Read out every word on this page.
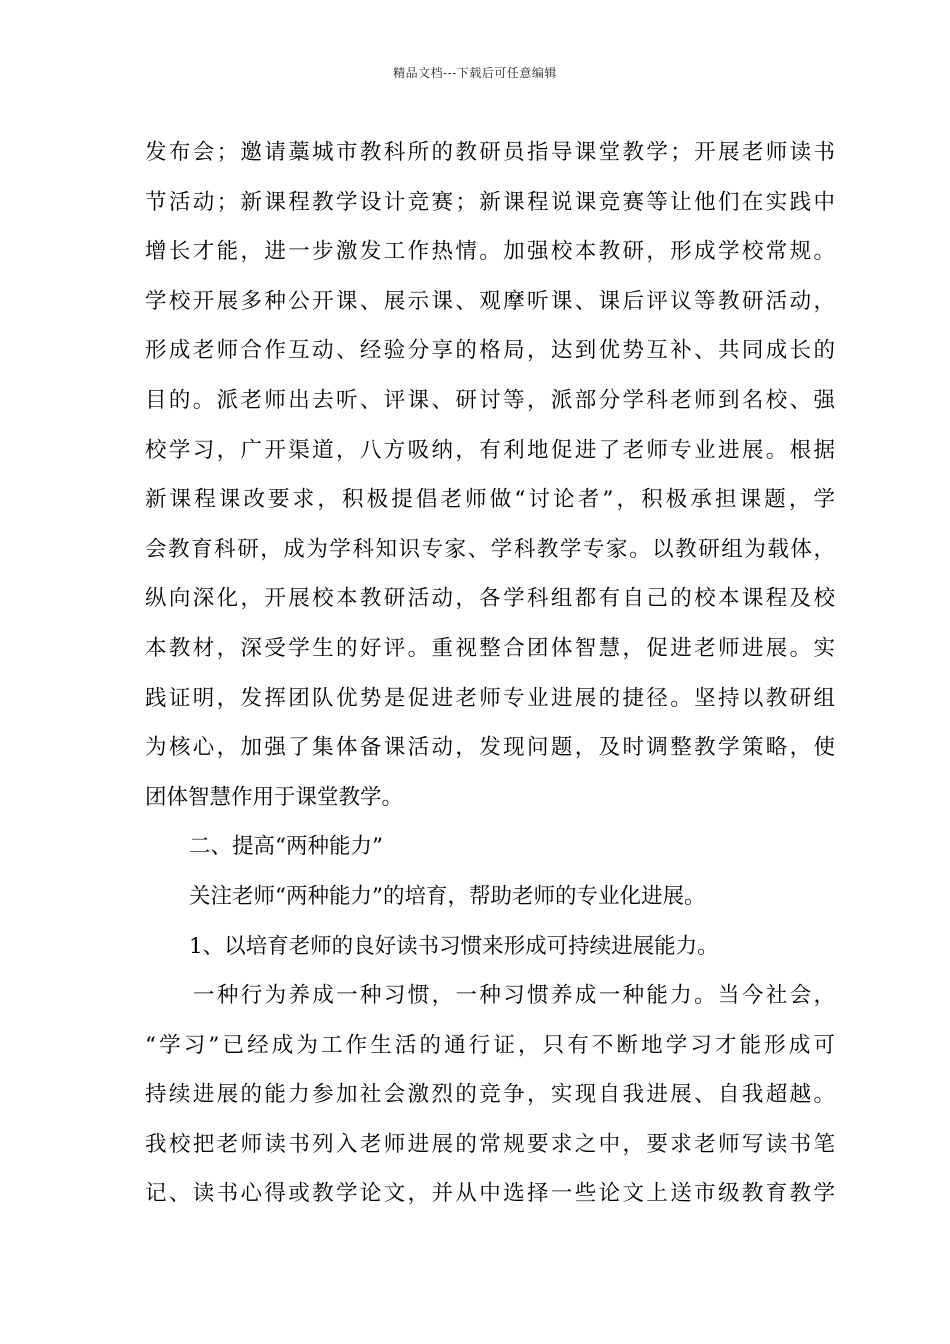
精品文档---下载后可任意编辑
发布会；邀请藁城市教科所的教研员指导课堂教学；开展老师读书
节活动；新课程教学设计竞赛；新课程说课竞赛等让他们在实践中
增长才能，进一步激发工作热情。加强校本教研，形成学校常规。
学校开展多种公开课、展示课、观摩听课、课后评议等教研活动，
形成老师合作互动、经验分享的格局，达到优势互补、共同成长的
目的。派老师出去听、评课、研讨等，派部分学科老师到名校、强
校学习，广开渠道，八方吸纳，有利地促进了老师专业进展。根据
新课程课改要求，积极提倡老师做“讨论者”，积极承担课题，学
会教育科研，成为学科知识专家、学科教学专家。以教研组为载体，
纵向深化，开展校本教研活动，各学科组都有自己的校本课程及校
本教材，深受学生的好评。重视整合团体智慧，促进老师进展。实
践证明，发挥团队优势是促进老师专业进展的捷径。坚持以教研组
为核心，加强了集体备课活动，发现问题，及时调整教学策略，使
团体智慧作用于课堂教学。
二、提高“两种能力”
关注老师“两种能力”的培育，帮助老师的专业化进展。
1、以培育老师的良好读书习惯来形成可持续进展能力。
一种行为养成一种习惯，一种习惯养成一种能力。当今社会，
“学习”已经成为工作生活的通行证，只有不断地学习才能形成可
持续进展的能力参加社会激烈的竞争，实现自我进展、自我超越。
我校把老师读书列入老师进展的常规要求之中，要求老师写读书笔
记、读书心得或教学论文，并从中选择一些论文上送市级教育教学
